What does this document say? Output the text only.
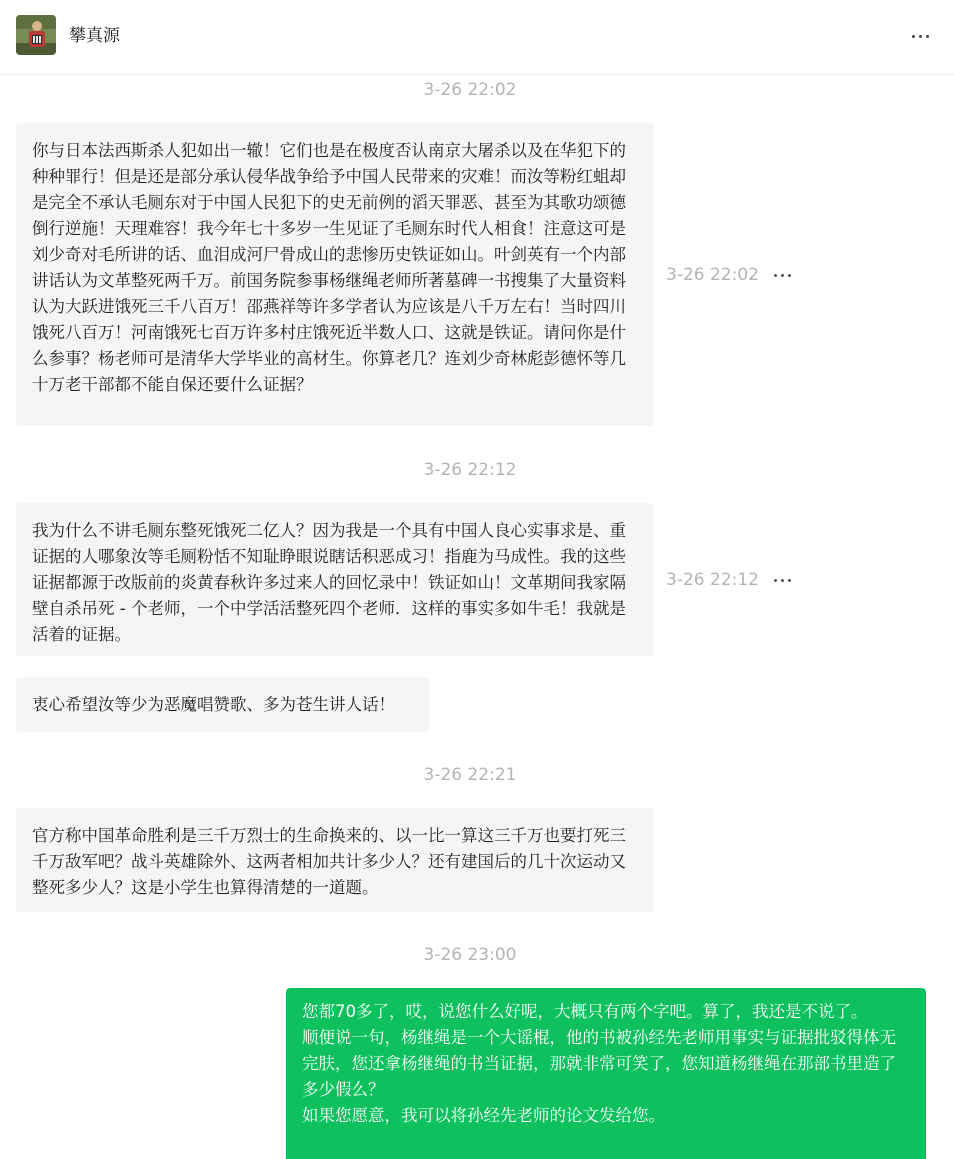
攀真源
3-26 22:02

你与日本法西斯杀人犯如出一辙！它们也是在极度否认南京大屠杀以及在华犯下的种种罪行！但是还是部分承认侵华战争给予中国人民带来的灾难！而汝等粉红蛆却是完全不承认毛厕东对于中国人民犯下的史无前例的滔天罪恶、甚至为其歌功颂德倒行逆施！天理难容！我今年七十多岁一生见证了毛厕东时代人相食！注意这可是刘少奇对毛所讲的话、血泪成河尸骨成山的悲惨历史铁证如山。叶剑英有一个内部讲话认为文革整死两千万。前国务院参事杨继绳老师所著墓碑一书搜集了大量资料认为大跃进饿死三千八百万！邵燕祥等许多学者认为应该是八千万左右！当时四川饿死八百万！河南饿死七百万许多村庄饿死近半数人口、这就是铁证。请问你是什么参事？杨老师可是清华大学毕业的高材生。你算老几？连刘少奇林彪彭德怀等几十万老干部都不能自保还要什么证据？

3-26 22:02
3-26 22:12

我为什么不讲毛厕东整死饿死二亿人？因为我是一个具有中国人良心实事求是、重证据的人哪象汝等毛厕粉恬不知耻睁眼说瞎话积恶成习！指鹿为马成性。我的这些证据都源于改版前的炎黄春秋许多过来人的回忆录中！铁证如山！文革期间我家隔壁自杀吊死 - 个老师，一个中学活活整死四个老师．这样的事实多如牛毛！我就是活着的证据。

3-26 22:12

衷心希望汝等少为恶魔唱赞歌、多为苍生讲人话！

3-26 22:21

官方称中国革命胜利是三千万烈士的生命换来的、以一比一算这三千万也要打死三千万敌军吧？战斗英雄除外、这两者相加共计多少人？还有建国后的几十次运动又整死多少人？这是小学生也算得清楚的一道题。

3-26 23:00

您都70多了，哎，说您什么好呢，大概只有两个字吧。算了，我还是不说了。
顺便说一句，杨继绳是一个大谣棍，他的书被孙经先老师用事实与证据批驳得体无完肤，您还拿杨继绳的书当证据，那就非常可笑了，您知道杨继绳在那部书里造了多少假么？
如果您愿意，我可以将孙经先老师的论文发给您。
